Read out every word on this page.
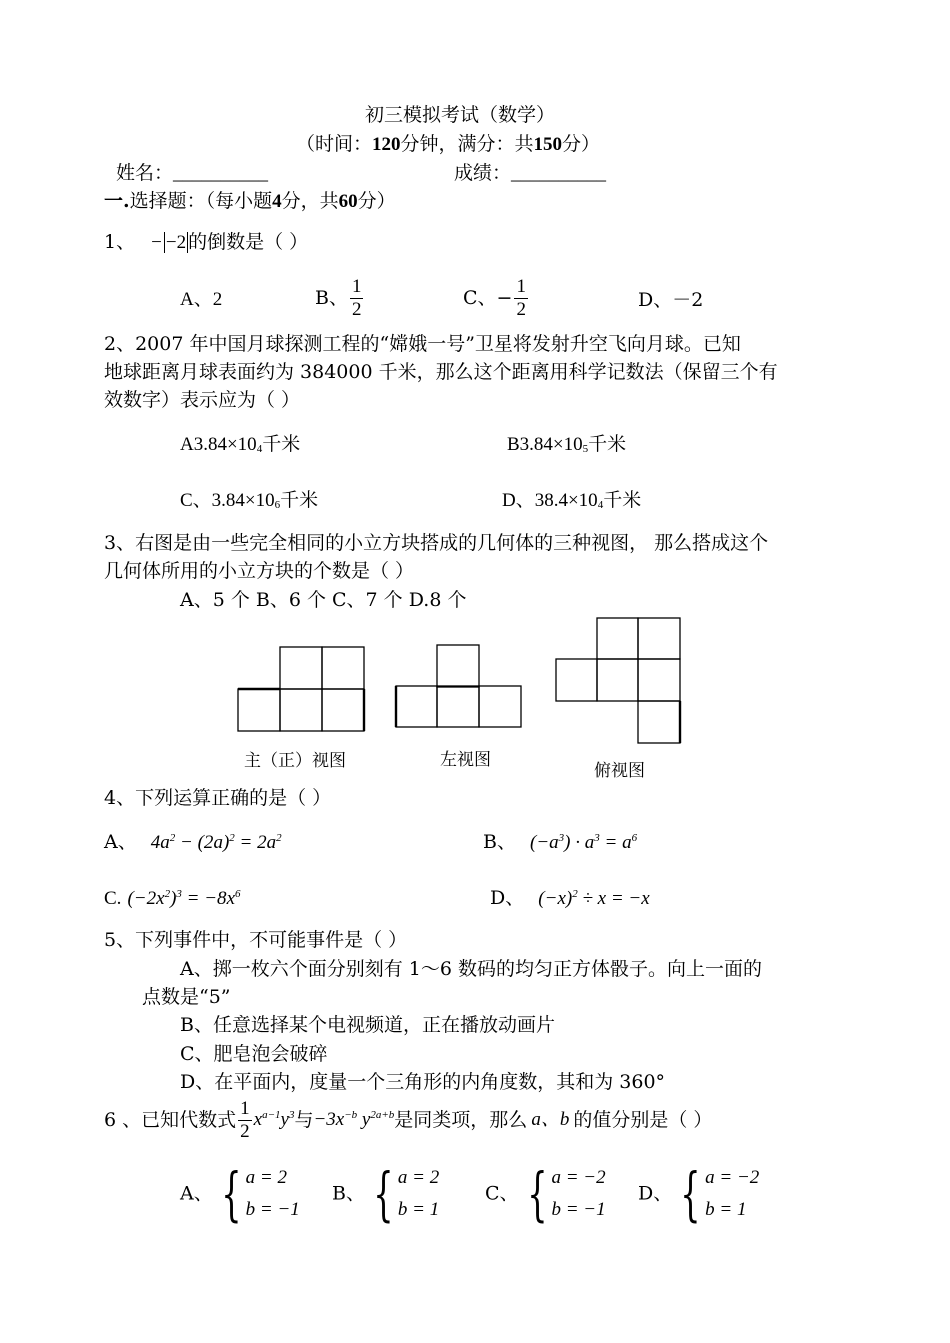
初三模拟考试（数学）
（时间：120分钟，满分：共150分）
姓名：__________	成绩：__________
一.选择题：（每小题4分，共60分）
1、 − −2 的倒数是（ ）
A、2	B、 $\frac{1}{2}$	C、− $\frac{1}{2}$	D、－2
2、2007 年中国月球探测工程的“嫦娥一号”卫星将发射升空飞向月球。已知
地球距离月球表面约为 384000 千米，那么这个距离用科学记数法（保留三个有
效数字）表示应为（ ）
$A3.84\times 10_4$千米	$B3.84\times 10_5$千米
C、$3.84\times 10_6$千米	D、$38.4\times 10_4$千米
3、右图是由一些完全相同的小立方块搭成的几何体的三种视图， 那么搭成这个
几何体所用的小立方块的个数是（ ）
A、5 个 B、6 个 C、7 个 D.8 个
主（正）视图	左视图
俯视图
4、下列运算正确的是（ ）
A、 $4a^2 - (2a)^2 = 2a^2$	B、 $(-a^3) \cdot a^3 = a^6$
C. $(-2x^2)^3 = -8x^6$	D、 $(-x)^2 \div x = -x$
5、下列事件中，不可能事件是（ ）
A、掷一枚六个面分别刻有 1～6 数码的均匀正方体骰子。向上一面的
点数是“5”
B、任意选择某个电视频道，正在播放动画片
C、肥皂泡会破碎
D、在平面内，度量一个三角形的内角度数，其和为 360°
6 、已知代数式 $\frac{1}{2} x^{a-1}y^3$与$-3x^{-b}$ $y^{2a+b}$是同类项，那么 a、b 的值分别是（ ）
A、 { a = 2
b = −1
B、 { a = 2
b = 1
C、 { a = −2
b = −1
D、 { a = −2
b = 1
